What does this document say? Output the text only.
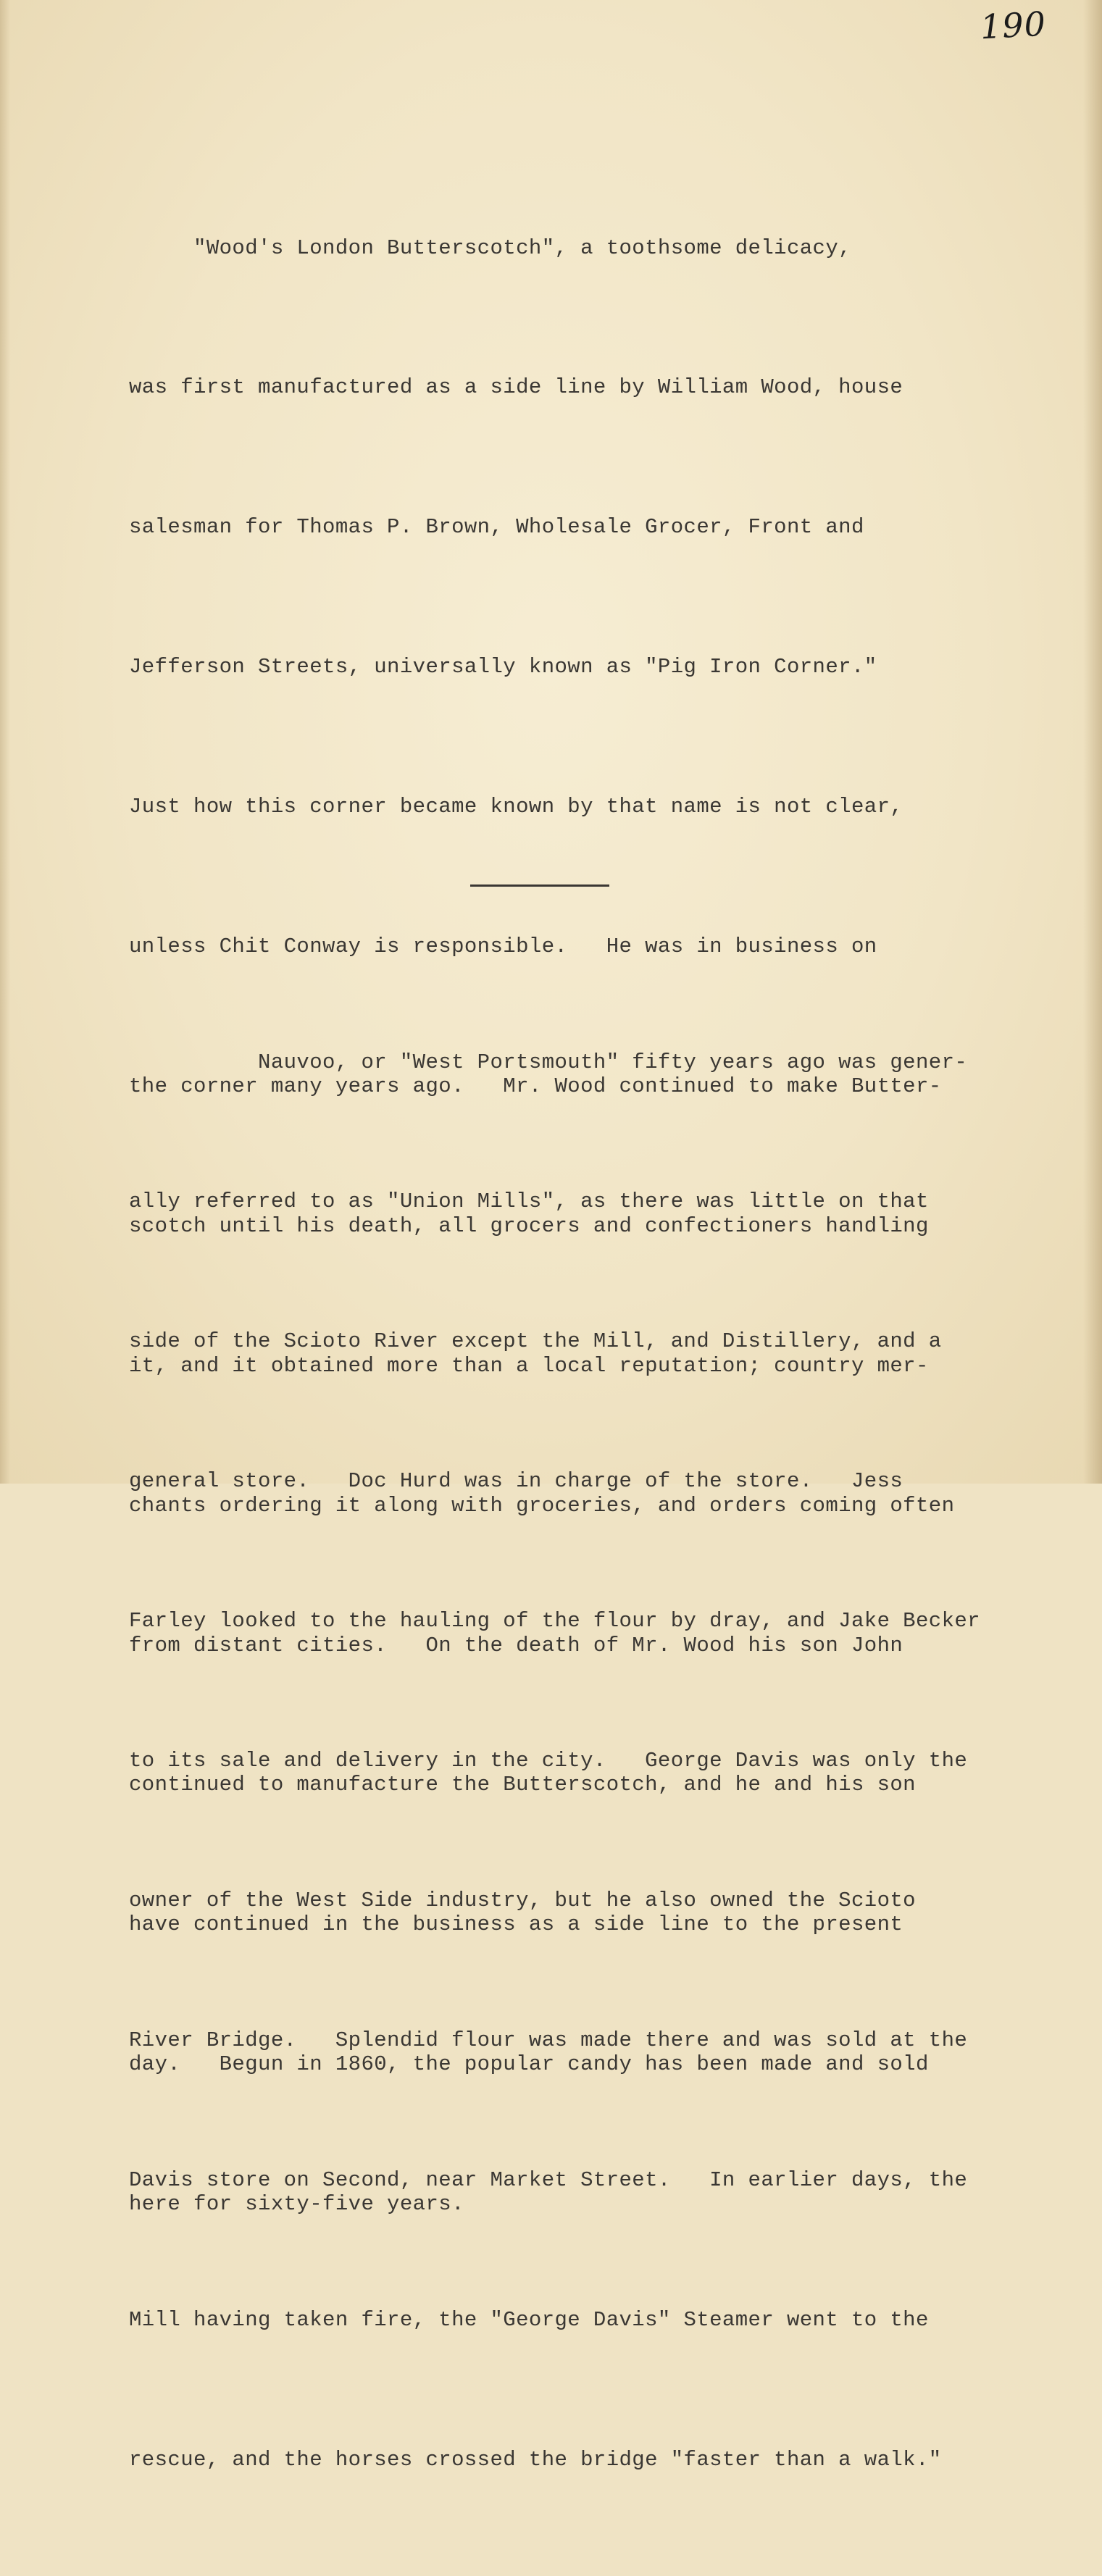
190

"Wood's London Butterscotch", a toothsome delicacy,

was first manufactured as a side line by William Wood, house

salesman for Thomas P. Brown, Wholesale Grocer, Front and

Jefferson Streets, universally known as "Pig Iron Corner."

Just how this corner became known by that name is not clear,

unless Chit Conway is responsible.   He was in business on

the corner many years ago.   Mr. Wood continued to make Butter-

scotch until his death, all grocers and confectioners handling

it, and it obtained more than a local reputation; country mer-

chants ordering it along with groceries, and orders coming often

from distant cities.   On the death of Mr. Wood his son John

continued to manufacture the Butterscotch, and he and his son

have continued in the business as a side line to the present

day.   Begun in 1860, the popular candy has been made and sold

here for sixty-five years.

Nauvoo, or "West Portsmouth" fifty years ago was gener-

ally referred to as "Union Mills", as there was little on that

side of the Scioto River except the Mill, and Distillery, and a

general store.   Doc Hurd was in charge of the store.   Jess

Farley looked to the hauling of the flour by dray, and Jake Becker

to its sale and delivery in the city.   George Davis was only the

owner of the West Side industry, but he also owned the Scioto

River Bridge.   Splendid flour was made there and was sold at the

Davis store on Second, near Market Street.   In earlier days, the

Mill having taken fire, the "George Davis" Steamer went to the

rescue, and the horses crossed the bridge "faster than a walk."
